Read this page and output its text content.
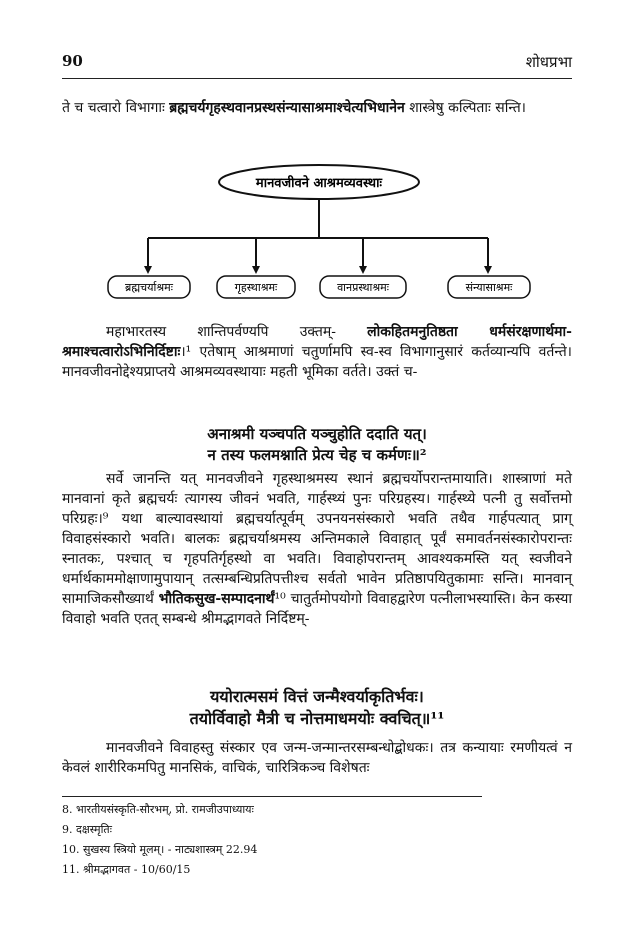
90	शोधप्रभा

ते च चत्वारो विभागाः ब्रह्मचर्यगृहस्थवानप्रस्थसंन्यासाश्रमाश्चेत्यभिधानेन शास्त्रेषु कल्पिताः सन्ति।

मानवजीवने आश्रमव्यवस्थाः
ब्रह्मचर्याश्रमः	गृहस्थाश्रमः	वानप्रस्थाश्रमः	संन्यासाश्रमः

महाभारतस्य शान्तिपर्वण्यपि उक्तम्- लोकहितमनुतिष्ठता धर्मसंरक्षणार्थमा-श्रमाश्चत्वारोऽभिनिर्दिष्टाः।¹ एतेषाम् आश्रमाणां चतुर्णामपि स्व-स्व विभागानुसारं कर्तव्यान्यपि वर्तन्ते। मानवजीवनोद्देश्यप्राप्तये आश्रमव्यवस्थायाः महती भूमिका वर्तते। उक्तं च-

अनाश्रमी यञ्चपति यञ्चुहोति ददाति यत्।
न तस्य फलमश्नाति प्रेत्य चेह च कर्मणः॥²

सर्वे जानन्ति यत् मानवजीवने गृहस्थाश्रमस्य स्थानं ब्रह्मचर्योपरान्तमायाति। शास्त्राणां मते मानवानां कृते ब्रह्मचर्यः त्यागस्य जीवनं भवति, गार्हस्थ्यं पुनः परिग्रहस्य। गार्हस्थ्ये पत्नी तु सर्वोत्तमो परिग्रहः।⁹ यथा बाल्यावस्थायां ब्रह्मचर्यात्पूर्वम् उपनयनसंस्कारो भवति तथैव गार्हपत्यात् प्राग् विवाहसंस्कारो भवति। बालकः ब्रह्मचर्याश्रमस्य अन्तिमकाले विवाहात् पूर्वं समावर्तनसंस्कारोपरान्तः स्नातकः, पश्चात् च गृहपतिर्गृहस्थो वा भवति। विवाहोपरान्तम् आवश्यकमस्ति यत् स्वजीवने धर्मार्थकाममोक्षाणामुपायान् तत्सम्बन्धिप्रतिपत्तीश्च सर्वतो भावेन प्रतिष्ठापयितुकामाः सन्ति। मानवान् सामाजिकसौख्यार्थं भौतिकसुख-सम्पादनार्थं¹⁰ चातुर्तमोपयोगो विवाहद्वारेण पत्नीलाभस्यास्ति। केन कस्या विवाहो भवति एतत् सम्बन्धे श्रीमद्भागवते निर्दिष्टम्-

ययोरात्मसमं वित्तं जन्मैश्वर्याकृतिर्भवः।
तयोर्विवाहो मैत्री च नोत्तमाधमयोः क्वचित्॥¹¹

मानवजीवने विवाहस्तु संस्कार एव जन्म-जन्मान्तरसम्बन्धोद्बोधकः। तत्र कन्यायाः रमणीयत्वं न केवलं शारीरिकमपितु मानसिकं, वाचिकं, चारित्रिकञ्च विशेषतः

8. भारतीयसंस्कृति-सौरभम्, प्रो. रामजीउपाध्यायः
9. दक्षस्मृतिः
10. सुखस्य स्त्रियो मूलम्। - नाट्यशास्त्रम् 22.94
11. श्रीमद्भागवत - 10/60/15
